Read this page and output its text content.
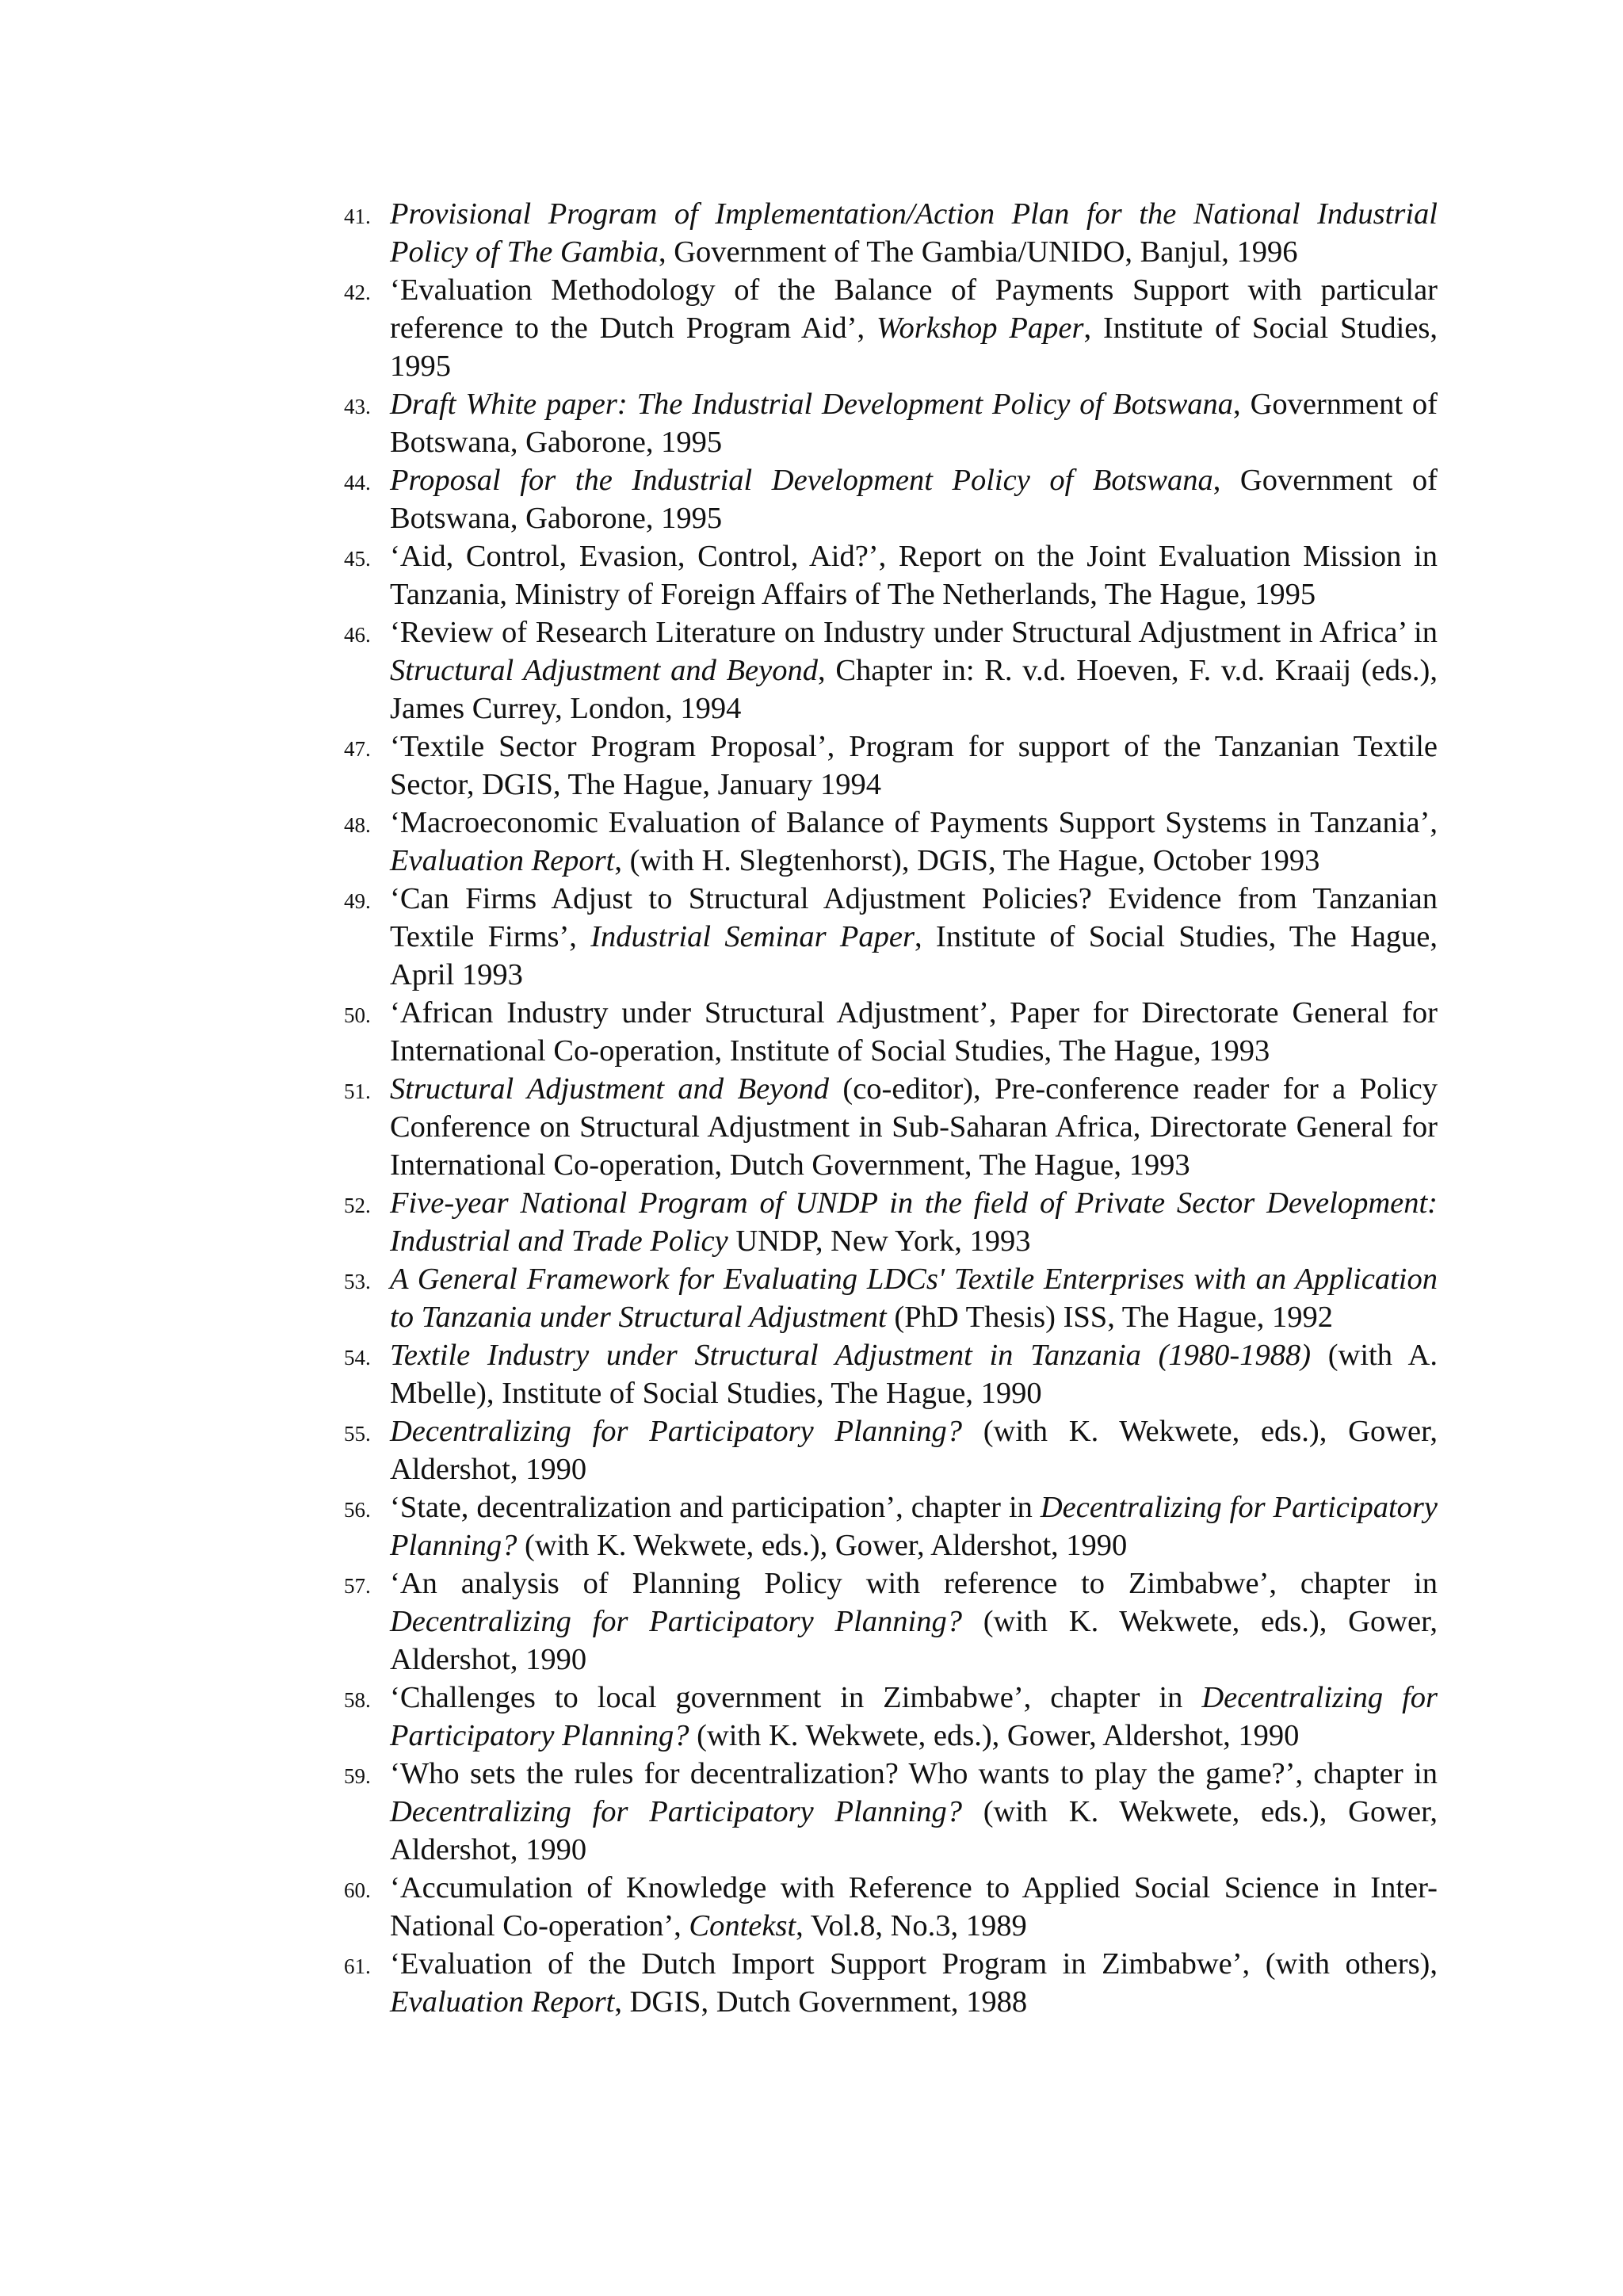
41. Provisional Program of Implementation/Action Plan for the National Industrial Policy of The Gambia, Government of The Gambia/UNIDO, Banjul, 1996
42. ‘Evaluation Methodology of the Balance of Payments Support with particular reference to the Dutch Program Aid’, Workshop Paper, Institute of Social Studies, 1995
43. Draft White paper: The Industrial Development Policy of Botswana, Government of Botswana, Gaborone, 1995
44. Proposal for the Industrial Development Policy of Botswana, Government of Botswana, Gaborone, 1995
45. ‘Aid, Control, Evasion, Control, Aid?’, Report on the Joint Evaluation Mission in Tanzania, Ministry of Foreign Affairs of The Netherlands, The Hague, 1995
46. ‘Review of Research Literature on Industry under Structural Adjustment in Africa’ in Structural Adjustment and Beyond, Chapter in: R. v.d. Hoeven, F. v.d. Kraaij (eds.), James Currey, London, 1994
47. ‘Textile Sector Program Proposal’, Program for support of the Tanzanian Textile Sector, DGIS, The Hague, January 1994
48. ‘Macroeconomic Evaluation of Balance of Payments Support Systems in Tanzania’, Evaluation Report, (with H. Slegtenhorst), DGIS, The Hague, October 1993
49. ‘Can Firms Adjust to Structural Adjustment Policies? Evidence from Tanzanian Textile Firms’, Industrial Seminar Paper, Institute of Social Studies, The Hague, April 1993
50. ‘African Industry under Structural Adjustment’, Paper for Directorate General for International Co-operation, Institute of Social Studies, The Hague, 1993
51. Structural Adjustment and Beyond (co-editor), Pre-conference reader for a Policy Conference on Structural Adjustment in Sub-Saharan Africa, Directorate General for International Co-operation, Dutch Government, The Hague, 1993
52. Five-year National Program of UNDP in the field of Private Sector Development: Industrial and Trade Policy UNDP, New York, 1993
53. A General Framework for Evaluating LDCs' Textile Enterprises with an Application to Tanzania under Structural Adjustment (PhD Thesis) ISS, The Hague, 1992
54. Textile Industry under Structural Adjustment in Tanzania (1980-1988) (with A. Mbelle), Institute of Social Studies, The Hague, 1990
55. Decentralizing for Participatory Planning? (with K. Wekwete, eds.), Gower, Aldershot, 1990
56. ‘State, decentralization and participation’, chapter in Decentralizing for Participatory Planning? (with K. Wekwete, eds.), Gower, Aldershot, 1990
57. ‘An analysis of Planning Policy with reference to Zimbabwe’, chapter in Decentralizing for Participatory Planning? (with K. Wekwete, eds.), Gower, Aldershot, 1990
58. ‘Challenges to local government in Zimbabwe’, chapter in Decentralizing for Participatory Planning? (with K. Wekwete, eds.), Gower, Aldershot, 1990
59. ‘Who sets the rules for decentralization? Who wants to play the game?’, chapter in Decentralizing for Participatory Planning? (with K. Wekwete, eds.), Gower, Aldershot, 1990
60. ‘Accumulation of Knowledge with Reference to Applied Social Science in Inter-National Co-operation’, Contekst, Vol.8, No.3, 1989
61. ‘Evaluation of the Dutch Import Support Program in Zimbabwe’, (with others), Evaluation Report, DGIS, Dutch Government, 1988
